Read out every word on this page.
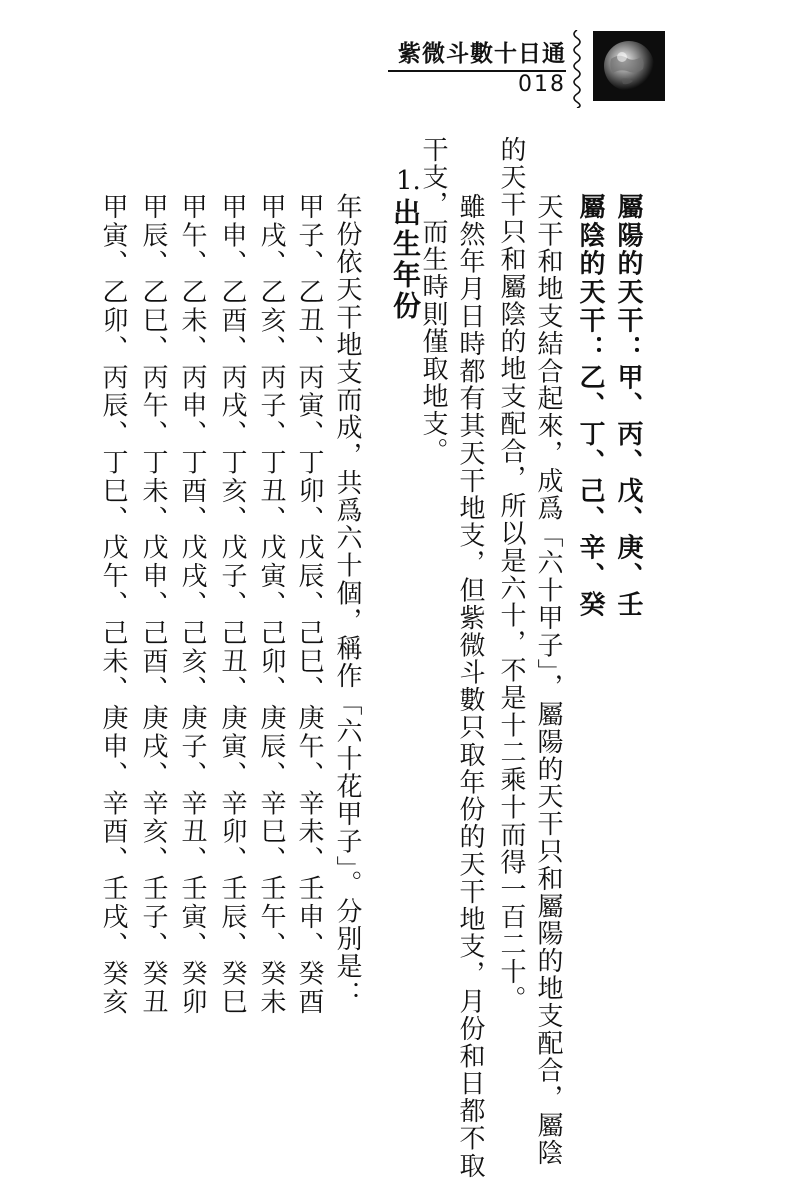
紫微斗數十日通
018
屬陽的天干：甲、丙、戊、庚、壬
屬陰的天干：乙、丁、己、辛、癸
天干和地支結合起來，成爲「六十甲子」，屬陽的天干只和屬陽的地支配合，屬陰
的天干只和屬陰的地支配合，所以是六十，不是十二乘十而得一百二十。
雖然年月日時都有其天干地支，但紫微斗數只取年份的天干地支，月份和日都不取
干支，而生時則僅取地支。
1.
出生年份
年份依天干地支而成，共爲六十個，稱作「六十花甲子」。分別是：
甲子、乙丑、丙寅、丁卯、戊辰、己巳、庚午、辛未、壬申、癸酉
甲戌、乙亥、丙子、丁丑、戊寅、己卯、庚辰、辛巳、壬午、癸未
甲申、乙酉、丙戌、丁亥、戊子、己丑、庚寅、辛卯、壬辰、癸巳
甲午、乙未、丙申、丁酉、戊戌、己亥、庚子、辛丑、壬寅、癸卯
甲辰、乙巳、丙午、丁未、戊申、己酉、庚戌、辛亥、壬子、癸丑
甲寅、乙卯、丙辰、丁巳、戊午、己未、庚申、辛酉、壬戌、癸亥
